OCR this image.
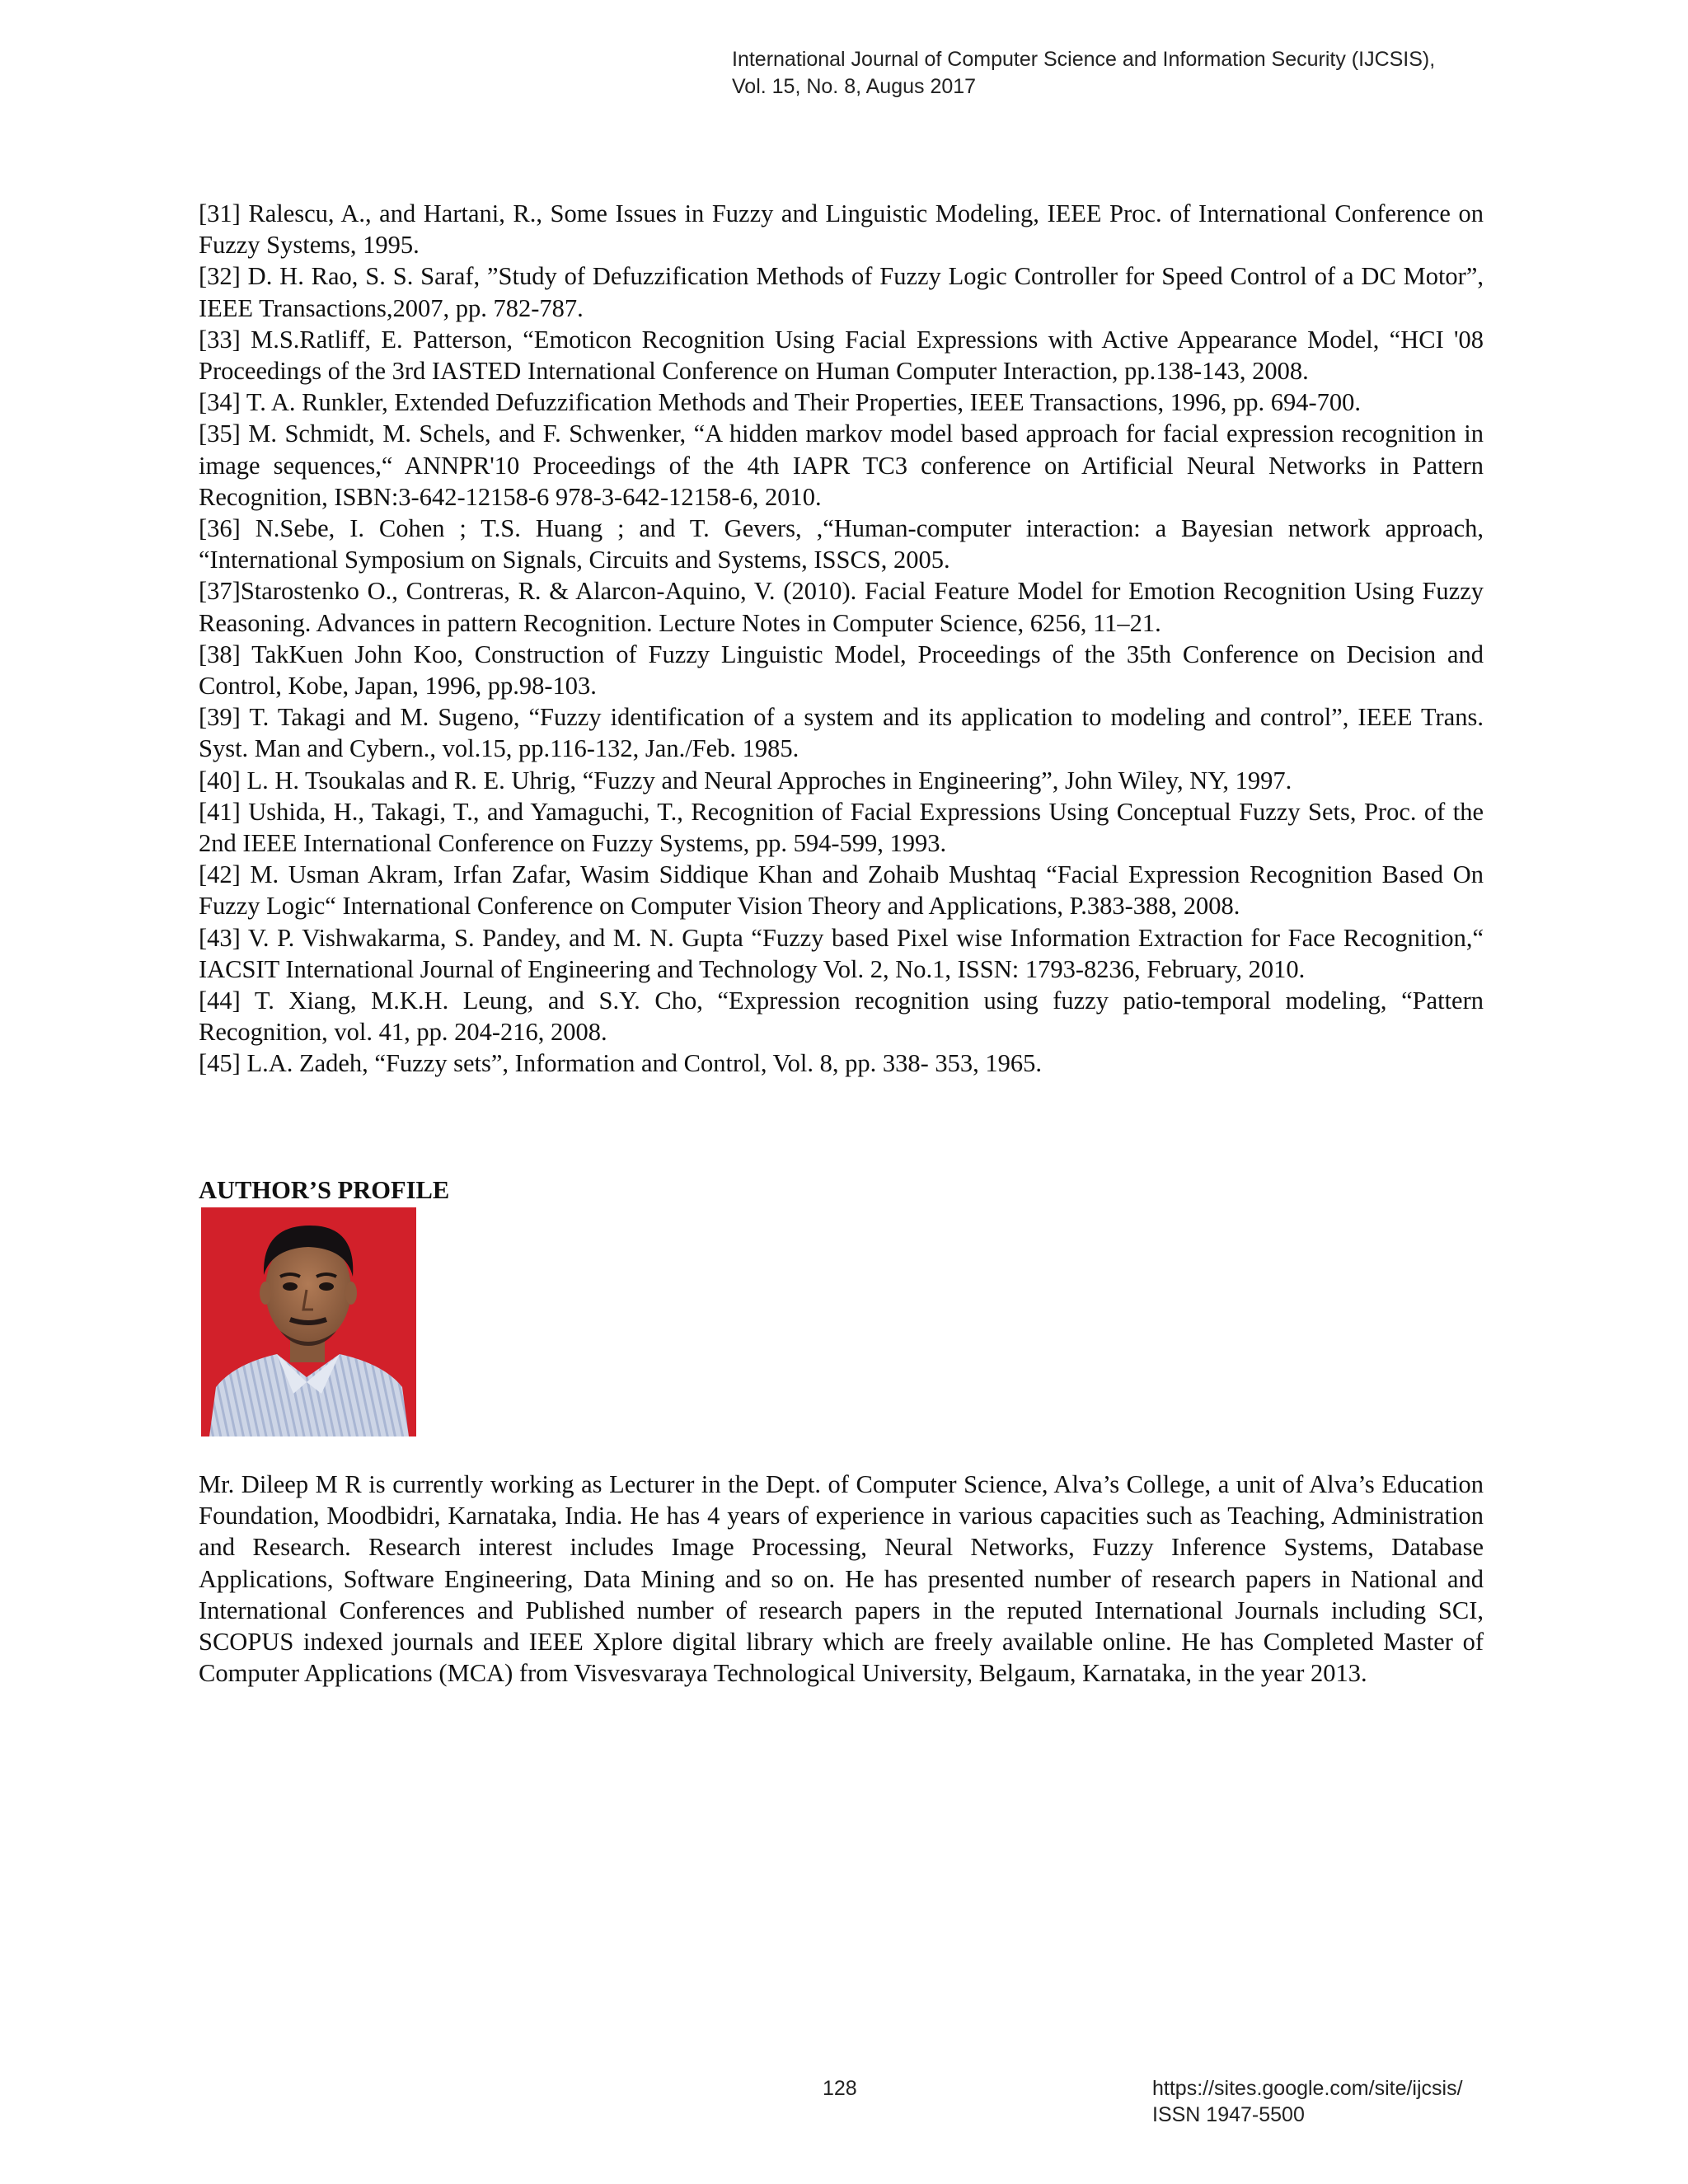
International Journal of Computer Science and Information Security (IJCSIS),
Vol. 15, No. 8, Augus 2017
[31] Ralescu, A., and Hartani, R., Some Issues in Fuzzy and Linguistic Modeling, IEEE Proc. of International Conference on Fuzzy Systems, 1995.
[32] D. H. Rao, S. S. Saraf, ”Study of Defuzzification Methods of Fuzzy Logic Controller for Speed Control of a DC Motor”, IEEE Transactions,2007, pp. 782-787.
[33] M.S.Ratliff, E. Patterson, “Emoticon Recognition Using Facial Expressions with Active Appearance Model, “HCI '08 Proceedings of the 3rd IASTED International Conference on Human Computer Interaction, pp.138-143, 2008.
[34] T. A. Runkler, Extended Defuzzification Methods and Their Properties, IEEE Transactions, 1996, pp. 694-700.
[35] M. Schmidt, M. Schels, and F. Schwenker, “A hidden markov model based approach for facial expression recognition in image sequences,“ ANNPR'10 Proceedings of the 4th IAPR TC3 conference on Artificial Neural Networks in Pattern Recognition, ISBN:3-642-12158-6 978-3-642-12158-6, 2010.
[36] N.Sebe, I. Cohen ; T.S. Huang ; and T. Gevers, ,“Human-computer interaction: a Bayesian network approach, “International Symposium on Signals, Circuits and Systems, ISSCS, 2005.
[37]Starostenko O., Contreras, R. & Alarcon-Aquino, V. (2010). Facial Feature Model for Emotion Recognition Using Fuzzy Reasoning. Advances in pattern Recognition. Lecture Notes in Computer Science, 6256, 11–21.
[38] TakKuen John Koo, Construction of Fuzzy Linguistic Model, Proceedings of the 35th Conference on Decision and Control, Kobe, Japan, 1996, pp.98-103.
[39] T. Takagi and M. Sugeno, “Fuzzy identification of a system and its application to modeling and control”, IEEE Trans. Syst. Man and Cybern., vol.15, pp.116-132, Jan./Feb. 1985.
[40] L. H. Tsoukalas and R. E. Uhrig, “Fuzzy and Neural Approches in Engineering”, John Wiley, NY, 1997.
[41] Ushida, H., Takagi, T., and Yamaguchi, T., Recognition of Facial Expressions Using Conceptual Fuzzy Sets, Proc. of the 2nd IEEE International Conference on Fuzzy Systems, pp. 594-599, 1993.
[42] M. Usman Akram, Irfan Zafar, Wasim Siddique Khan and Zohaib Mushtaq “Facial Expression Recognition Based On Fuzzy Logic“ International Conference on Computer Vision Theory and Applications, P.383-388, 2008.
[43] V. P. Vishwakarma, S. Pandey, and M. N. Gupta “Fuzzy based Pixel wise Information Extraction for Face Recognition,“ IACSIT International Journal of Engineering and Technology Vol. 2, No.1, ISSN: 1793-8236, February, 2010.
[44] T. Xiang, M.K.H. Leung, and S.Y. Cho, “Expression recognition using fuzzy patio-temporal modeling, “Pattern Recognition, vol. 41, pp. 204-216, 2008.
[45] L.A. Zadeh, “Fuzzy sets”, Information and Control, Vol. 8, pp. 338- 353, 1965.
AUTHOR’S PROFILE

Mr. Dileep M R is currently working as Lecturer in the Dept. of Computer Science, Alva’s College, a unit of Alva’s Education Foundation, Moodbidri, Karnataka, India. He has 4 years of experience in various capacities such as Teaching, Administration and Research. Research interest includes Image Processing, Neural Networks, Fuzzy Inference Systems, Database Applications, Software Engineering, Data Mining and so on. He has presented number of research papers in National and International Conferences and Published number of research papers in the reputed International Journals including SCI, SCOPUS indexed journals and IEEE Xplore digital library which are freely available online. He has Completed Master of Computer Applications (MCA) from Visvesvaraya Technological University, Belgaum, Karnataka, in the year 2013.

128	https://sites.google.com/site/ijcsis/
ISSN 1947-5500
